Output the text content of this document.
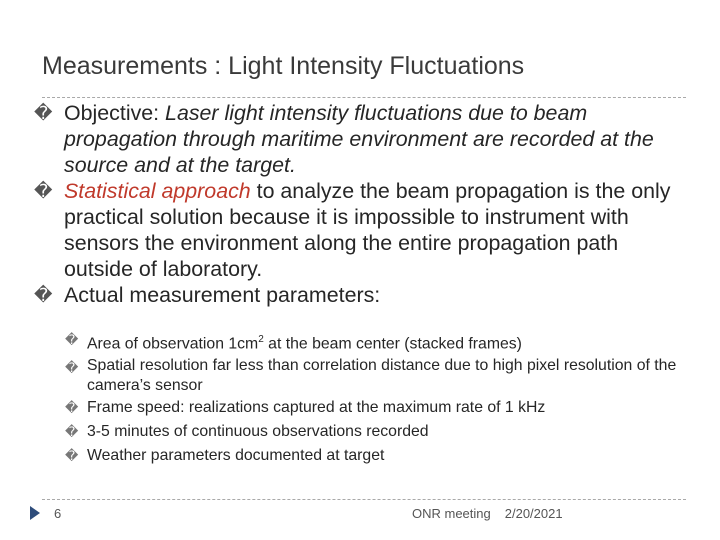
Measurements : Light Intensity Fluctuations

� Objective: Laser light intensity fluctuations due to beam propagation through maritime environment are recorded at the source and at the target.

� Statistical approach to analyze the beam propagation is the only practical solution because it is impossible to instrument with sensors the environment along the entire propagation path outside of laboratory.

� Actual measurement parameters:

� Area of observation $1cm^2$ at the beam center (stacked frames)

� Spatial resolution far less than correlation distance due to high pixel resolution of the camera’s sensor

� Frame speed: realizations captured at the maximum rate of 1 kHz

� 3-5 minutes of continuous observations recorded

� Weather parameters documented at target

6	ONR meeting 2/20/2021
